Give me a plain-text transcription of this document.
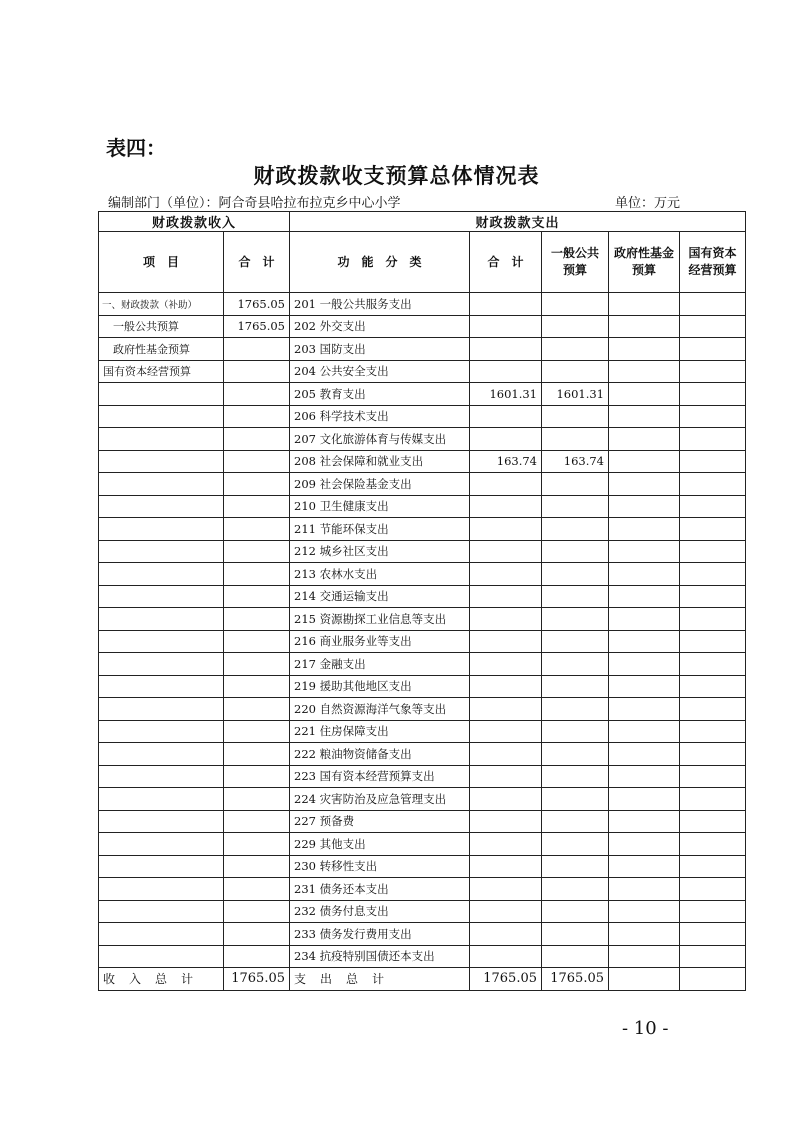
表四：
财政拨款收支预算总体情况表
编制部门（单位）：阿合奇县哈拉布拉克乡中心小学	单位：万元
财政拨款收入		财政拨款支出				
项　目	合　计	功　能　分　类	合　计	一般公共预算	政府性基金预算	国有资本经营预算
一、财政拨款（补助）	1765.05	201 一般公共服务支出				
一般公共预算	1765.05	202 外交支出				
政府性基金预算		203 国防支出				
国有资本经营预算		204 公共安全支出				
		205 教育支出	1601.31	1601.31		
		206 科学技术支出				
		207 文化旅游体育与传媒支出				
		208 社会保障和就业支出	163.74	163.74		
		209 社会保险基金支出				
		210 卫生健康支出				
		211 节能环保支出				
		212 城乡社区支出				
		213 农林水支出				
		214 交通运输支出				
		215 资源勘探工业信息等支出				
		216 商业服务业等支出				
		217 金融支出				
		219 援助其他地区支出				
		220 自然资源海洋气象等支出				
		221 住房保障支出				
		222 粮油物资储备支出				
		223 国有资本经营预算支出				
		224 灾害防治及应急管理支出				
		227 预备费				
		229 其他支出				
		230 转移性支出				
		231 债务还本支出				
		232 债务付息支出				
		233 债务发行费用支出				
		234 抗疫特别国债还本支出				
收入总计	1765.05	支出总计	1765.05	1765.05		
- 10 -
